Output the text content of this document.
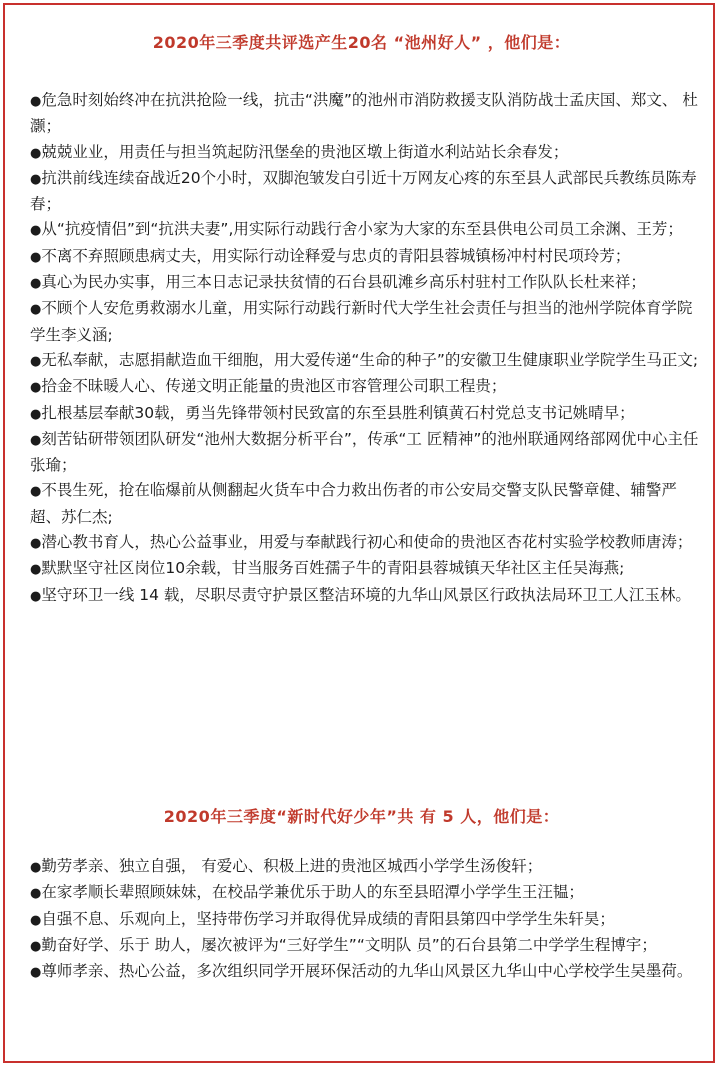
2020年三季度共评选产生20名 “池州好人” ，他们是：
●危急时刻始终冲在抗洪抢险一线，抗击“洪魔”的池州市消防救援支队消防战士孟庆国、郑文、 杜灏；
●兢兢业业，用责任与担当筑起防汛堡垒的贵池区墩上街道水利站站长余春发；
●抗洪前线连续奋战近20个小时，双脚泡皱发白引近十万网友心疼的东至县人武部民兵教练员陈寿春；
●从“抗疫情侣”到“抗洪夫妻”,用实际行动践行舍小家为大家的东至县供电公司员工余渊、王芳；
●不离不弃照顾患病丈夫，用实际行动诠释爱与忠贞的青阳县蓉城镇杨冲村村民项玲芳；
●真心为民办实事，用三本日志记录扶贫情的石台县矶滩乡高乐村驻村工作队队长杜来祥；
●不顾个人安危勇救溺水儿童，用实际行动践行新时代大学生社会责任与担当的池州学院体育学院学生李义涵;
●无私奉献，志愿捐献造血干细胞，用大爱传递“生命的种子”的安徽卫生健康职业学院学生马正文;
●拾金不昧暖人心、传递文明正能量的贵池区市容管理公司职工程贵；
●扎根基层奉献30载，勇当先锋带领村民致富的东至县胜利镇黄石村党总支书记姚晴早；
●刻苦钻研带领团队研发“池州大数据分析平台”，传承“工 匠精神”的池州联通网络部网优中心主任张瑜；
●不畏生死，抢在临爆前从侧翻起火货车中合力救出伤者的市公安局交警支队民警章健、辅警严超、苏仁杰;
●潜心教书育人，热心公益事业，用爱与奉献践行初心和使命的贵池区杏花村实验学校教师唐涛；
●默默坚守社区岗位10余载，甘当服务百姓孺子牛的青阳县蓉城镇天华社区主任吴海燕;
●坚守环卫一线 14 载，尽职尽责守护景区整洁环境的九华山风景区行政执法局环卫工人江玉林。
2020年三季度“新时代好少年”共 有 5 人，他们是：
●勤劳孝亲、独立自强， 有爱心、积极上进的贵池区城西小学学生汤俊轩；
●在家孝顺长辈照顾妹妹，在校品学兼优乐于助人的东至县昭潭小学学生王汪韫；
●自强不息、乐观向上，坚持带伤学习并取得优异成绩的青阳县第四中学学生朱轩昊；
●勤奋好学、乐于 助人，屡次被评为“三好学生”“文明队 员”的石台县第二中学学生程博宇；
●尊师孝亲、热心公益，多次组织同学开展环保活动的九华山风景区九华山中心学校学生吴墨荷。
